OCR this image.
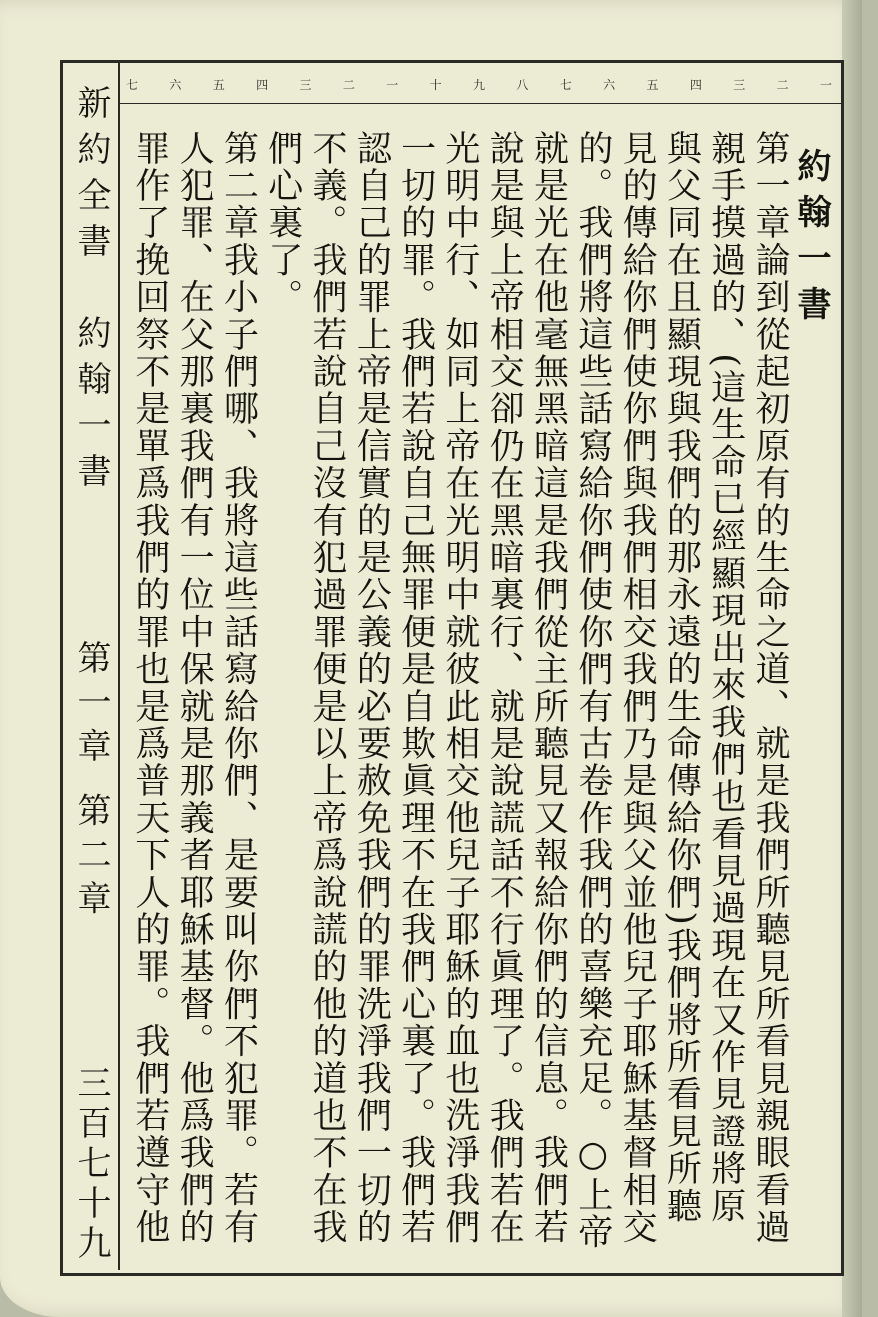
一
二
三
四
五
六
七
八
九
十
一
二
三
四
五
六
七
約翰一書

第一章論到從起初原有的生命之道、就是我們所聽見所看見親眼看過親手摸過的、(這生命已經顯現出來我們也看見過現在又作見證將原與父同在且顯現與我們的那永遠的生命傳給你們)我們將所看見所聽見的傳給你們使你們與我們相交我們乃是與父並他兒子耶穌基督相交的。我們將這些話寫給你們使你們有古卷作我們的喜樂充足。○上帝就是光在他毫無黑暗這是我們從主所聽見又報給你們的信息。我們若說是與上帝相交卻仍在黑暗裏行、就是說謊話不行眞理了。我們若在光明中行、如同上帝在光明中就彼此相交他兒子耶穌的血也洗淨我們一切的罪。我們若說自己無罪便是自欺眞理不在我們心裏了。我們若認自己的罪上帝是信實的是公義的必要赦免我們的罪洗淨我們一切的不義。我們若說自己沒有犯過罪便是以上帝爲說謊的他的道也不在我們心裏了。

第二章我小子們哪、我將這些話寫給你們、是要叫你們不犯罪。若有人犯罪、在父那裏我們有一位中保就是那義者耶穌基督。他爲我們的罪作了挽回祭不是單爲我們的罪也是爲普天下人的罪。我們若遵守他

新約全書　約翰一書
第一章 第二章
三百七十九
